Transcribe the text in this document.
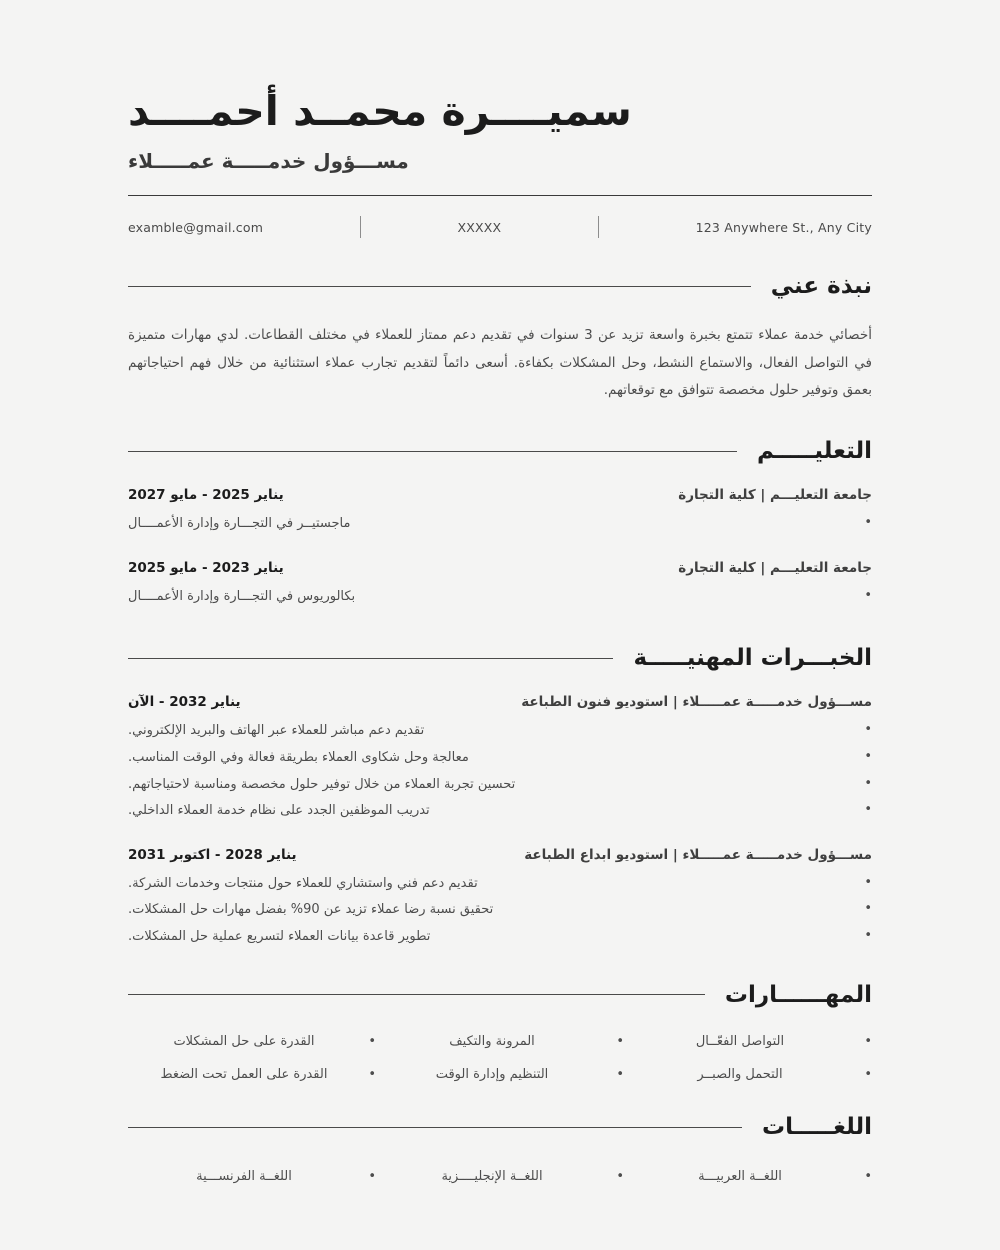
سميــــرة محمــد أحمــــد
مســـؤول خدمـــــة عمـــــلاء
examble@gmail.com	XXXXX	123 Anywhere St., Any City
نبذة عني

أخصائي خدمة عملاء تتمتع بخبرة واسعة تزيد عن 3 سنوات في تقديم دعم ممتاز للعملاء في مختلف القطاعات. لدي مهارات متميزة في التواصل الفعال، والاستماع النشط، وحل المشكلات بكفاءة. أسعى دائماً لتقديم تجارب عملاء استثنائية من خلال فهم احتياجاتهم بعمق وتوفير حلول مخصصة تتوافق مع توقعاتهم.

التعليـــــم
جامعة التعليـــم | كلية التجارة
يناير 2025 - مايو 2027
• ماجستيــر في التجـــارة وإدارة الأعمــــال
جامعة التعليـــم | كلية التجارة
يناير 2023 - مايو 2025
• بكالوريوس في التجـــارة وإدارة الأعمــــال
الخبـــرات المهنيـــــة
مســـؤول خدمـــــة عمـــــلاء | استوديو فنون الطباعة
يناير 2032 - الآن
• تقديم دعم مباشر للعملاء عبر الهاتف والبريد الإلكتروني.
• معالجة وحل شكاوى العملاء بطريقة فعالة وفي الوقت المناسب.
• تحسين تجربة العملاء من خلال توفير حلول مخصصة ومناسبة لاحتياجاتهم.
• تدريب الموظفين الجدد على نظام خدمة العملاء الداخلي.
مســـؤول خدمـــــة عمـــــلاء | استوديو ابداع الطباعة
يناير 2028 - اكتوبر 2031
• تقديم دعم فني واستشاري للعملاء حول منتجات وخدمات الشركة.
• تحقيق نسبة رضا عملاء تزيد عن 90% بفضل مهارات حل المشكلات.
• تطوير قاعدة بيانات العملاء لتسريع عملية حل المشكلات.
المهــــــارات
• التواصل الفعّــال
• المرونة والتكيف
• القدرة على حل المشكلات
• التحمل والصبــر
• التنظيم وإدارة الوقت
• القدرة على العمل تحت الضغط
اللغـــــات
• اللغــة العربيـــة
• اللغــة الإنجليــــزية
• اللغــة الفرنســـية
